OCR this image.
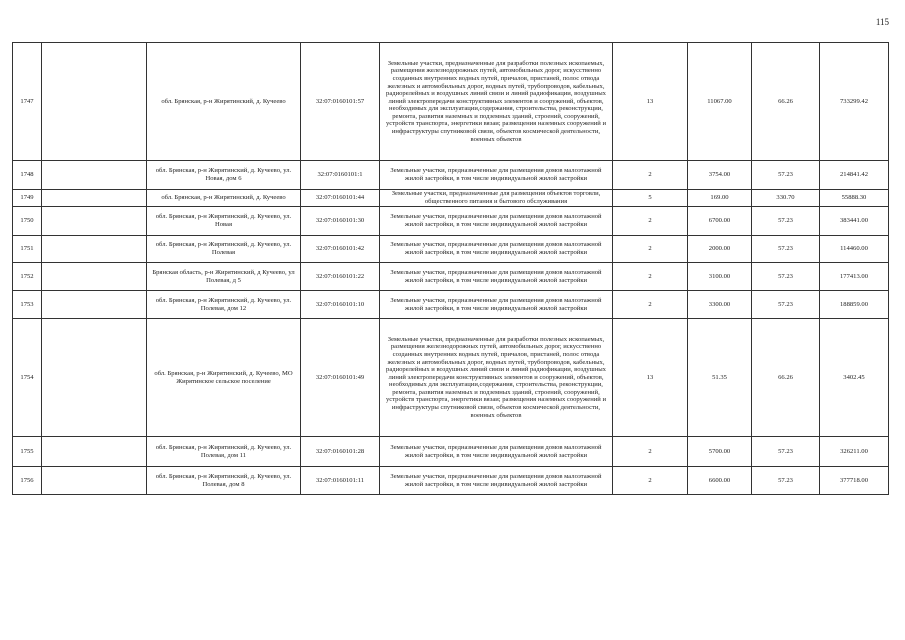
115
1747		обл. Брянская, р-н Жирятинский, д. Кучеево	32:07:0160101:57	Земельные участки, предназначенные для разработки полезных ископаемых, размещения железнодорожных путей, автомобильных дорог, искусственно созданных внутренних водных путей, причалов, пристаней, полос отвода железных и автомобильных дорог, водных путей, трубопроводов, кабельных, радиорелейных и воздушных линий связи и линий радиофикации, воздушных линий электропередачи конструктивных элементов и сооружений, объектов, необходимых для эксплуатации,содержания, строительства, реконструкции, ремонта, развития наземных и подземных зданий, строений, сооружений, устройств транспорта, энергетики вязаи; размещения наземных сооружений и инфраструктуры спутниковой связи, объектов космической деятельности, военных объектов	13	11067.00	66.26	733299.42
1748		обл. Брянская, р-н Жирятинский, д. Кучеево, ул. Новая, дом 6	32:07:0160101:1	Земельные участки, предназначенные для размещения домов малоэтажной жилой застройки, в том числе индивидуальной жилой застройки	2	3754.00	57.23	214841.42
1749		обл. Брянская, р-н Жирятинский, д. Кучеево	32:07:0160101:44	Земельные участки, предназначенные для размещения объектов торговли, общественного питания и бытового обслуживания	5	169.00	330.70	55888.30
1750		обл. Брянская, р-н Жирятинский, д. Кучеево, ул. Новая	32:07:0160101:30	Земельные участки, предназначенные для размещения домов малоэтажной жилой застройки, в том числе индивидуальной жилой застройки	2	6700.00	57.23	383441.00
1751		обл. Брянская, р-н Жирятинский, д. Кучеево, ул. Полевая	32:07:0160101:42	Земельные участки, предназначенные для размещения домов малоэтажной жилой застройки, в том числе индивидуальной жилой застройки	2	2000.00	57.23	114460.00
1752		Брянская область, р-н Жирятинский, д Кучеево, ул Полевая, д 5	32:07:0160101:22	Земельные участки, предназначенные для размещения домов малоэтажной жилой застройки, в том числе индивидуальной жилой застройки	2	3100.00	57.23	177413.00
1753		обл. Брянская, р-н Жирятинский, д. Кучеево, ул. Полевая, дом 12	32:07:0160101:10	Земельные участки, предназначенные для размещения домов малоэтажной жилой застройки, в том числе индивидуальной жилой застройки	2	3300.00	57.23	188859.00
1754		обл. Брянская, р-н Жирятинский, д. Кучеево, МО Жирятинское сельское поселение	32:07:0160101:49	Земельные участки, предназначенные для разработки полезных ископаемых, размещения железнодорожных путей, автомобильных дорог, искусственно созданных внутренних водных путей, причалов, пристаней, полос отвода железных и автомобильных дорог, водных путей, трубопроводов, кабельных, радиорелейных и воздушных линий связи и линий радиофикации, воздушных линий электропередачи конструктивных элементов и сооружений, объектов, необходимых для эксплуатации,содержания, строительства, реконструкции, ремонта, развития наземных и подземных зданий, строений, сооружений, устройств транспорта, энергетики вязаи; размещения наземных сооружений и инфраструктуры спутниковой связи, объектов космической деятельности, военных объектов	13	51.35	66.26	3402.45
1755		обл. Брянская, р-н Жирятинский, д. Кучеево, ул. Полевая, дом 11	32:07:0160101:28	Земельные участки, предназначенные для размещения домов малоэтажной жилой застройки, в том числе индивидуальной жилой застройки	2	5700.00	57.23	326211.00
1756		обл. Брянская, р-н Жирятинский, д. Кучеево, ул. Полевая, дом 8	32:07:0160101:11	Земельные участки, предназначенные для размещения домов малоэтажной жилой застройки, в том числе индивидуальной жилой застройки	2	6600.00	57.23	377718.00
